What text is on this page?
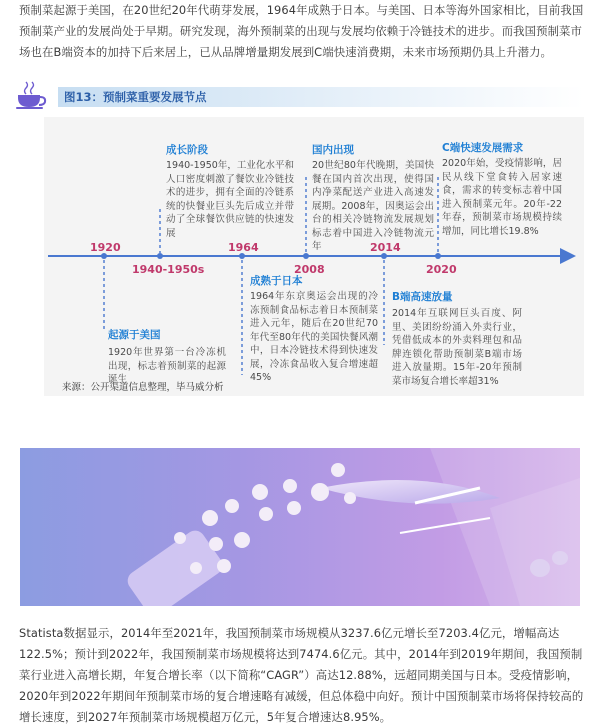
预制菜起源于美国，在20世纪20年代萌芽发展，1964年成熟于日本。与美国、日本等海外国家相比，目前我国预制菜产业的发展尚处于早期。研究发现，海外预制菜的出现与发展均依赖于冷链技术的进步。而我国预制菜市场也在B端资本的加持下后来居上，已从品牌增量期发展到C端快速消费期，未来市场预期仍具上升潜力。
图13：预制菜重要发展节点
1920
1940-1950s
1964
2008
2014
2020
成长阶段
1940-1950年，工业化水平和人口密度刺激了餐饮业冷链技术的进步，拥有全面的冷链系统的快餐业巨头先后成立并带动了全球餐饮供应链的快速发展
国内出现
20世纪80年代晚期，美国快餐在国内首次出现，使得国内净菜配送产业进入高速发展期。2008年，因奥运会出台的相关冷链物流发展规划标志着中国进入冷链物流元年
C端快速发展需求
2020年始，受疫情影响，居民从线下堂食转入居家速食，需求的转变标志着中国进入预制菜元年。20年-22年春，预制菜市场规模持续增加，同比增长19.8%
起源于美国
1920年世界第一台冷冻机出现，标志着预制菜的起源诞生
成熟于日本
1964年东京奥运会出现的冷冻预制食品标志着日本预制菜进入元年，随后在20世纪70年代至80年代的美国快餐风潮中，日本冷链技术得到快速发展，冷冻食品收入复合增速超45%
B端高速放量
2014年互联网巨头百度、阿里、美团纷纷涌入外卖行业，凭借低成本的外卖料理包和品牌连锁化帮助预制菜B端市场进入放量期。15年-20年预制菜市场复合增长率超31%
来源：公开渠道信息整理，毕马威分析
Statista数据显示，2014年至2021年，我国预制菜市场规模从3237.6亿元增长至7203.4亿元，增幅高达122.5%；预计到2022年，我国预制菜市场规模将达到7474.6亿元。其中，2014年到2019年期间，我国预制菜行业进入高增长期，年复合增长率（以下简称“CAGR”）高达12.88%，远超同期美国与日本。受疫情影响，2020年到2022年期间年预制菜市场的复合增速略有减缓，但总体稳中向好。预计中国预制菜市场将保持较高的增长速度，到2027年预制菜市场规模超万亿元，5年复合增速达8.95%。
